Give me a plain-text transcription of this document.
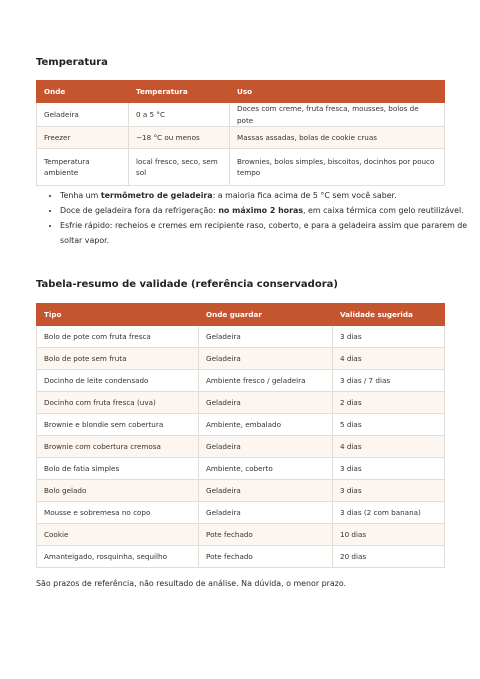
Temperatura
Onde	Temperatura	Uso
Geladeira	0 a 5 °C	Doces com creme, fruta fresca, mousses, bolos de pote
Freezer	−18 °C ou menos	Massas assadas, bolas de cookie cruas
Temperatura ambiente	local fresco, seco, sem sol	Brownies, bolos simples, biscoitos, docinhos por pouco tempo
• Tenha um termômetro de geladeira: a maioria fica acima de 5 °C sem você saber.
• Doce de geladeira fora da refrigeração: no máximo 2 horas, em caixa térmica com gelo reutilizável.
• Esfrie rápido: recheios e cremes em recipiente raso, coberto, e para a geladeira assim que pararem de soltar vapor.
Tabela-resumo de validade (referência conservadora)
Tipo	Onde guardar	Validade sugerida
Bolo de pote com fruta fresca	Geladeira	3 dias
Bolo de pote sem fruta	Geladeira	4 dias
Docinho de leite condensado	Ambiente fresco / geladeira	3 dias / 7 dias
Docinho com fruta fresca (uva)	Geladeira	2 dias
Brownie e blondie sem cobertura	Ambiente, embalado	5 dias
Brownie com cobertura cremosa	Geladeira	4 dias
Bolo de fatia simples	Ambiente, coberto	3 dias
Bolo gelado	Geladeira	3 dias
Mousse e sobremesa no copo	Geladeira	3 dias (2 com banana)
Cookie	Pote fechado	10 dias
Amanteigado, rosquinha, sequilho	Pote fechado	20 dias

São prazos de referência, não resultado de análise. Na dúvida, o menor prazo.
